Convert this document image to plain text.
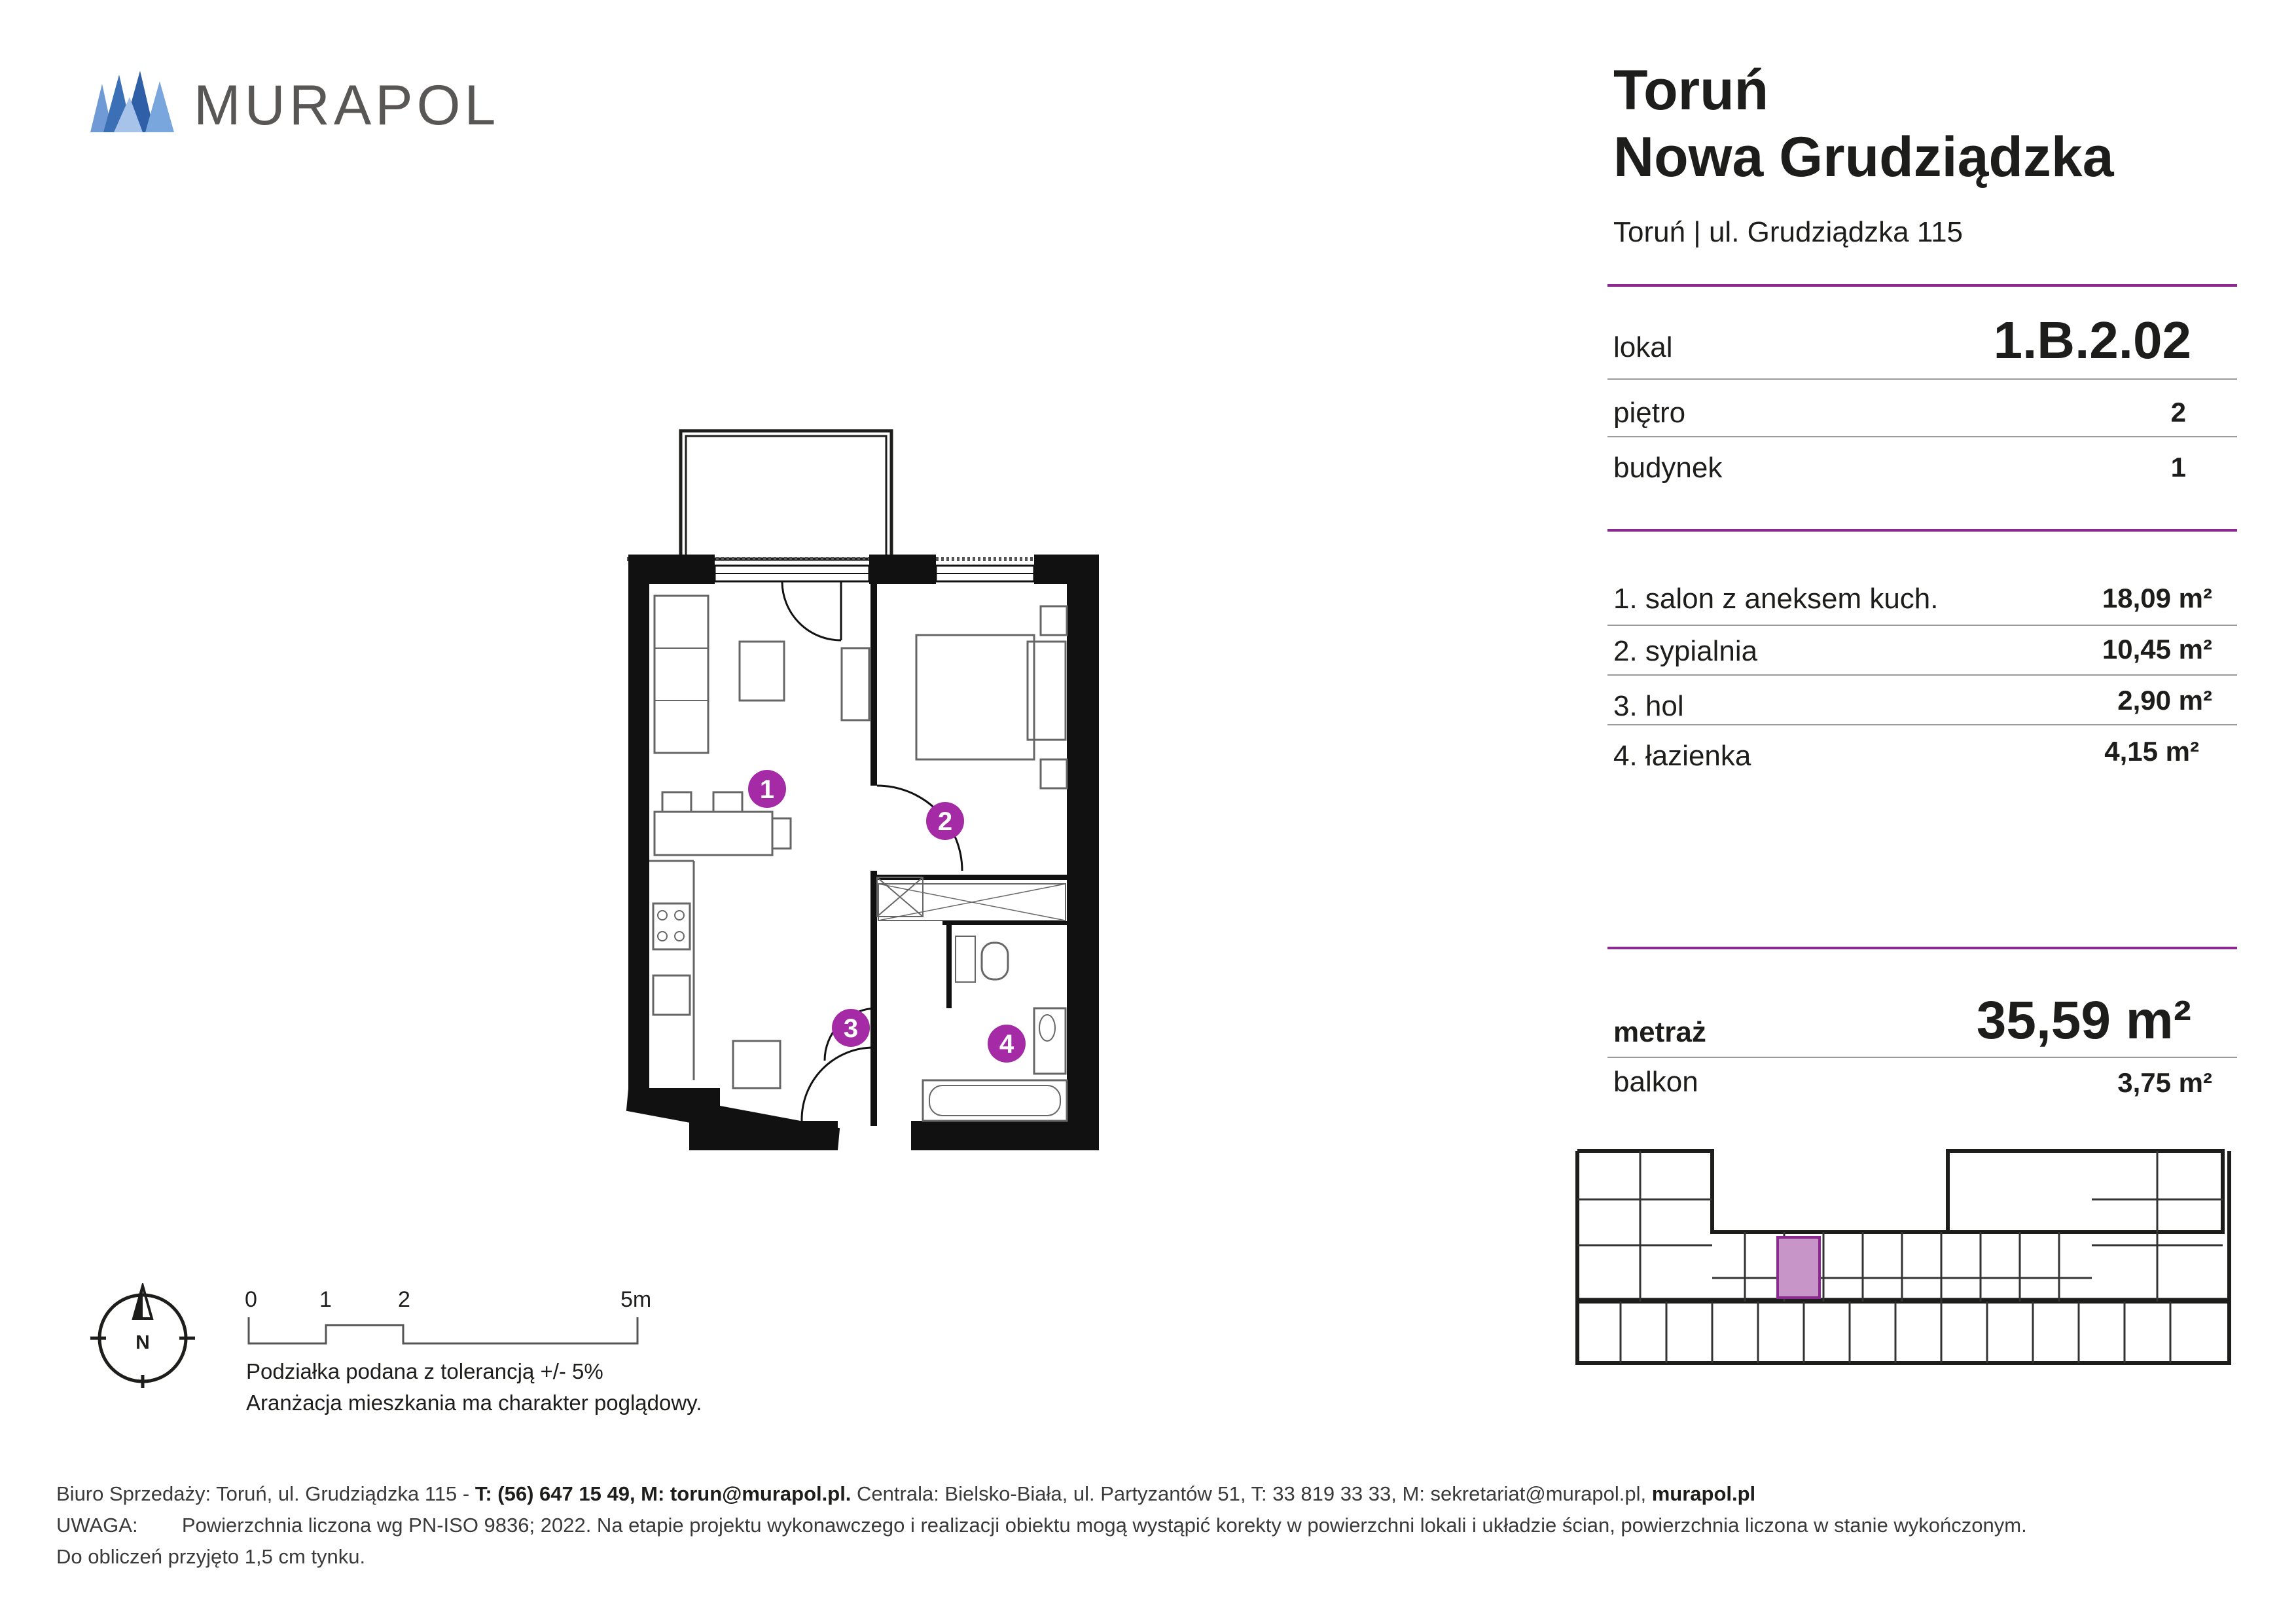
MURAPOL	Toruń
Nowa Grudziądzka
Toruń | ul. Grudziądzka 115
lokal	1.B.2.02
piętro	2
budynek	1
1. salon z aneksem kuch.	18,09 m²
2. sypialnia	10,45 m²
3. hol	2,90 m²
4. łazienka	4,15 m²
metraż	35,59 m²
balkon	3,75 m²
1
2
3
4
N
0	1	2	5m
Podziałka podana z tolerancją +/- 5%
Aranżacja mieszkania ma charakter poglądowy.
Biuro Sprzedaży: Toruń, ul. Grudziądzka 115 - T: (56) 647 15 49, M: torun@murapol.pl. Centrala: Bielsko-Biała, ul. Partyzantów 51, T: 33 819 33 33, M: sekretariat@murapol.pl, murapol.pl
UWAGA: Powierzchnia liczona wg PN-ISO 9836; 2022. Na etapie projektu wykonawczego i realizacji obiektu mogą wystąpić korekty w powierzchni lokali i układzie ścian, powierzchnia liczona w stanie wykończonym.
Do obliczeń przyjęto 1,5 cm tynku.
